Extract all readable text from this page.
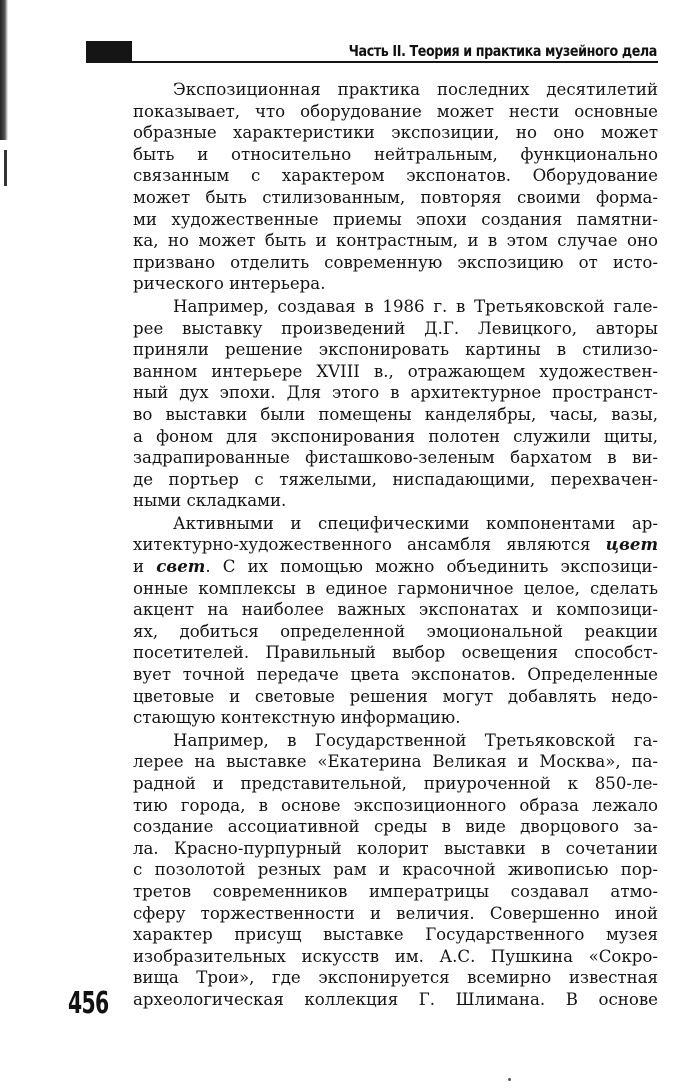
Часть II. Теория и практика музейного дела
Экспозиционная практика последних десятилетий
показывает, что оборудование может нести основные
образные характеристики экспозиции, но оно может
быть и относительно нейтральным, функционально
связанным с характером экспонатов. Оборудование
может быть стилизованным, повторяя своими форма-
ми художественные приемы эпохи создания памятни-
ка, но может быть и контрастным, и в этом случае оно
призвано отделить современную экспозицию от исто-
рического интерьера.
Например, создавая в 1986 г. в Третьяковской гале-
рее выставку произведений Д.Г. Левицкого, авторы
приняли решение экспонировать картины в стилизо-
ванном интерьере XVIII в., отражающем художествен-
ный дух эпохи. Для этого в архитектурное пространст-
во выставки были помещены канделябры, часы, вазы,
а фоном для экспонирования полотен служили щиты,
задрапированные фисташково-зеленым бархатом в ви-
де портьер с тяжелыми, ниспадающими, перехвачен-
ными складками.
Активными и специфическими компонентами ар-
хитектурно-художественного ансамбля являются цвет
и свет. С их помощью можно объединить экспозици-
онные комплексы в единое гармоничное целое, сделать
акцент на наиболее важных экспонатах и композици-
ях, добиться определенной эмоциональной реакции
посетителей. Правильный выбор освещения способст-
вует точной передаче цвета экспонатов. Определенные
цветовые и световые решения могут добавлять недо-
стающую контекстную информацию.
Например, в Государственной Третьяковской га-
лерее на выставке «Екатерина Великая и Москва», па-
радной и представительной, приуроченной к 850-ле-
тию города, в основе экспозиционного образа лежало
создание ассоциативной среды в виде дворцового за-
ла. Красно-пурпурный колорит выставки в сочетании
с позолотой резных рам и красочной живописью пор-
третов современников императрицы создавал атмо-
сферу торжественности и величия. Совершенно иной
характер присущ выставке Государственного музея
изобразительных искусств им. А.С. Пушкина «Сокро-
вища Трои», где экспонируется всемирно известная
археологическая коллекция Г. Шлимана. В основе
456
